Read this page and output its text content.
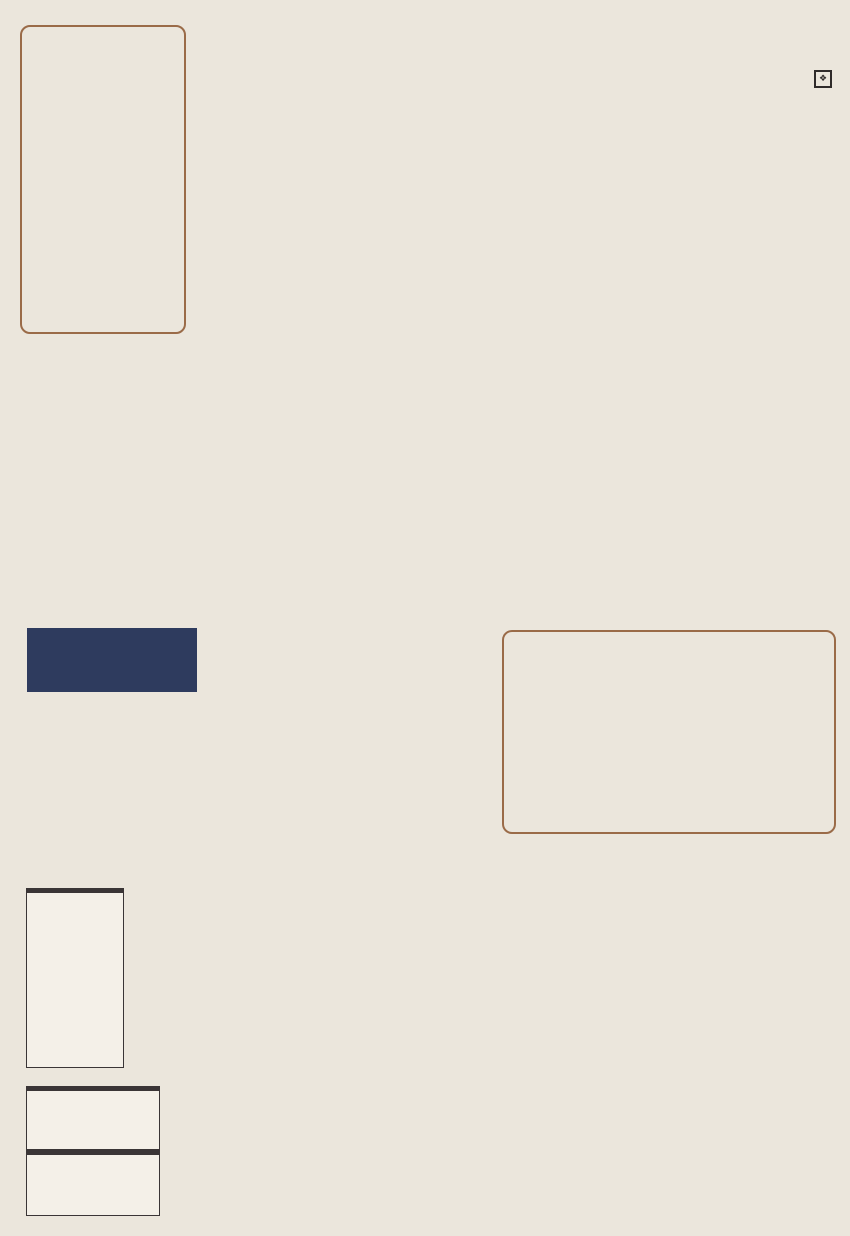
❖
